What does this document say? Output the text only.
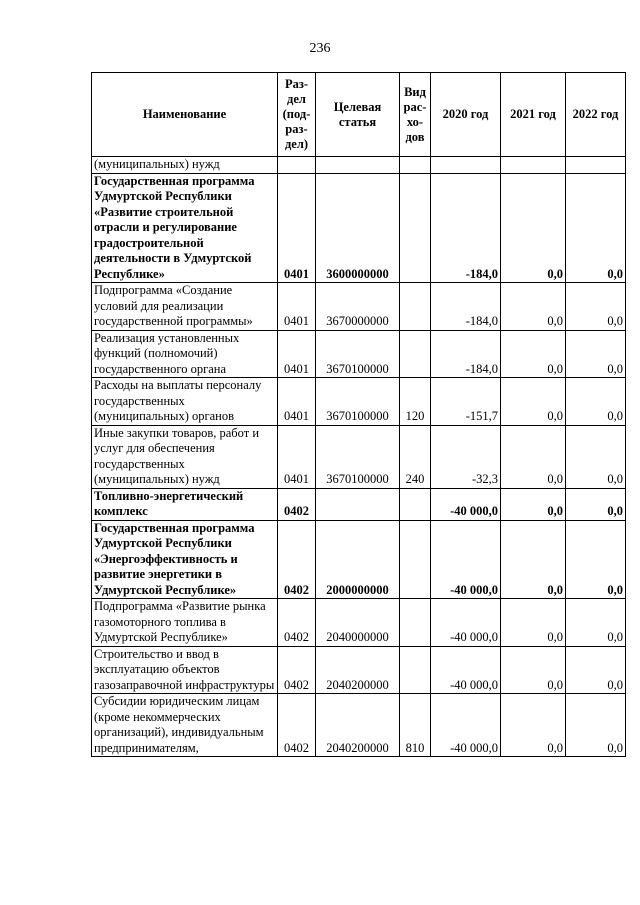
236
Наименование	Раз-
дел
(под-
раз-
дел)	Целевая
статья	Вид
рас-
хо-
дов	2020 год	2021 год	2022 год
(муниципальных) нужд						
Государственная программа Удмуртской Республики «Развитие строительной отрасли и регулирование градостроительной деятельности в Удмуртской Республике»	0401	3600000000		-184,0	0,0	0,0
Подпрограмма «Создание условий для реализации государственной программы»	0401	3670000000		-184,0	0,0	0,0
Реализация установленных функций (полномочий) государственного органа	0401	3670100000		-184,0	0,0	0,0
Расходы на выплаты персоналу государственных (муниципальных) органов	0401	3670100000	120	-151,7	0,0	0,0
Иные закупки товаров, работ и услуг для обеспечения государственных (муниципальных) нужд	0401	3670100000	240	-32,3	0,0	0,0
Топливно-энергетический комплекс	0402			-40 000,0	0,0	0,0
Государственная программа Удмуртской Республики «Энергоэффективность и развитие энергетики в Удмуртской Республике»	0402	2000000000		-40 000,0	0,0	0,0
Подпрограмма «Развитие рынка газомоторного топлива в Удмуртской Республике»	0402	2040000000		-40 000,0	0,0	0,0
Строительство и ввод в эксплуатацию объектов газозаправочной инфраструктуры	0402	2040200000		-40 000,0	0,0	0,0
Субсидии юридическим лицам (кроме некоммерческих организаций), индивидуальным предпринимателям,	0402	2040200000	810	-40 000,0	0,0	0,0
